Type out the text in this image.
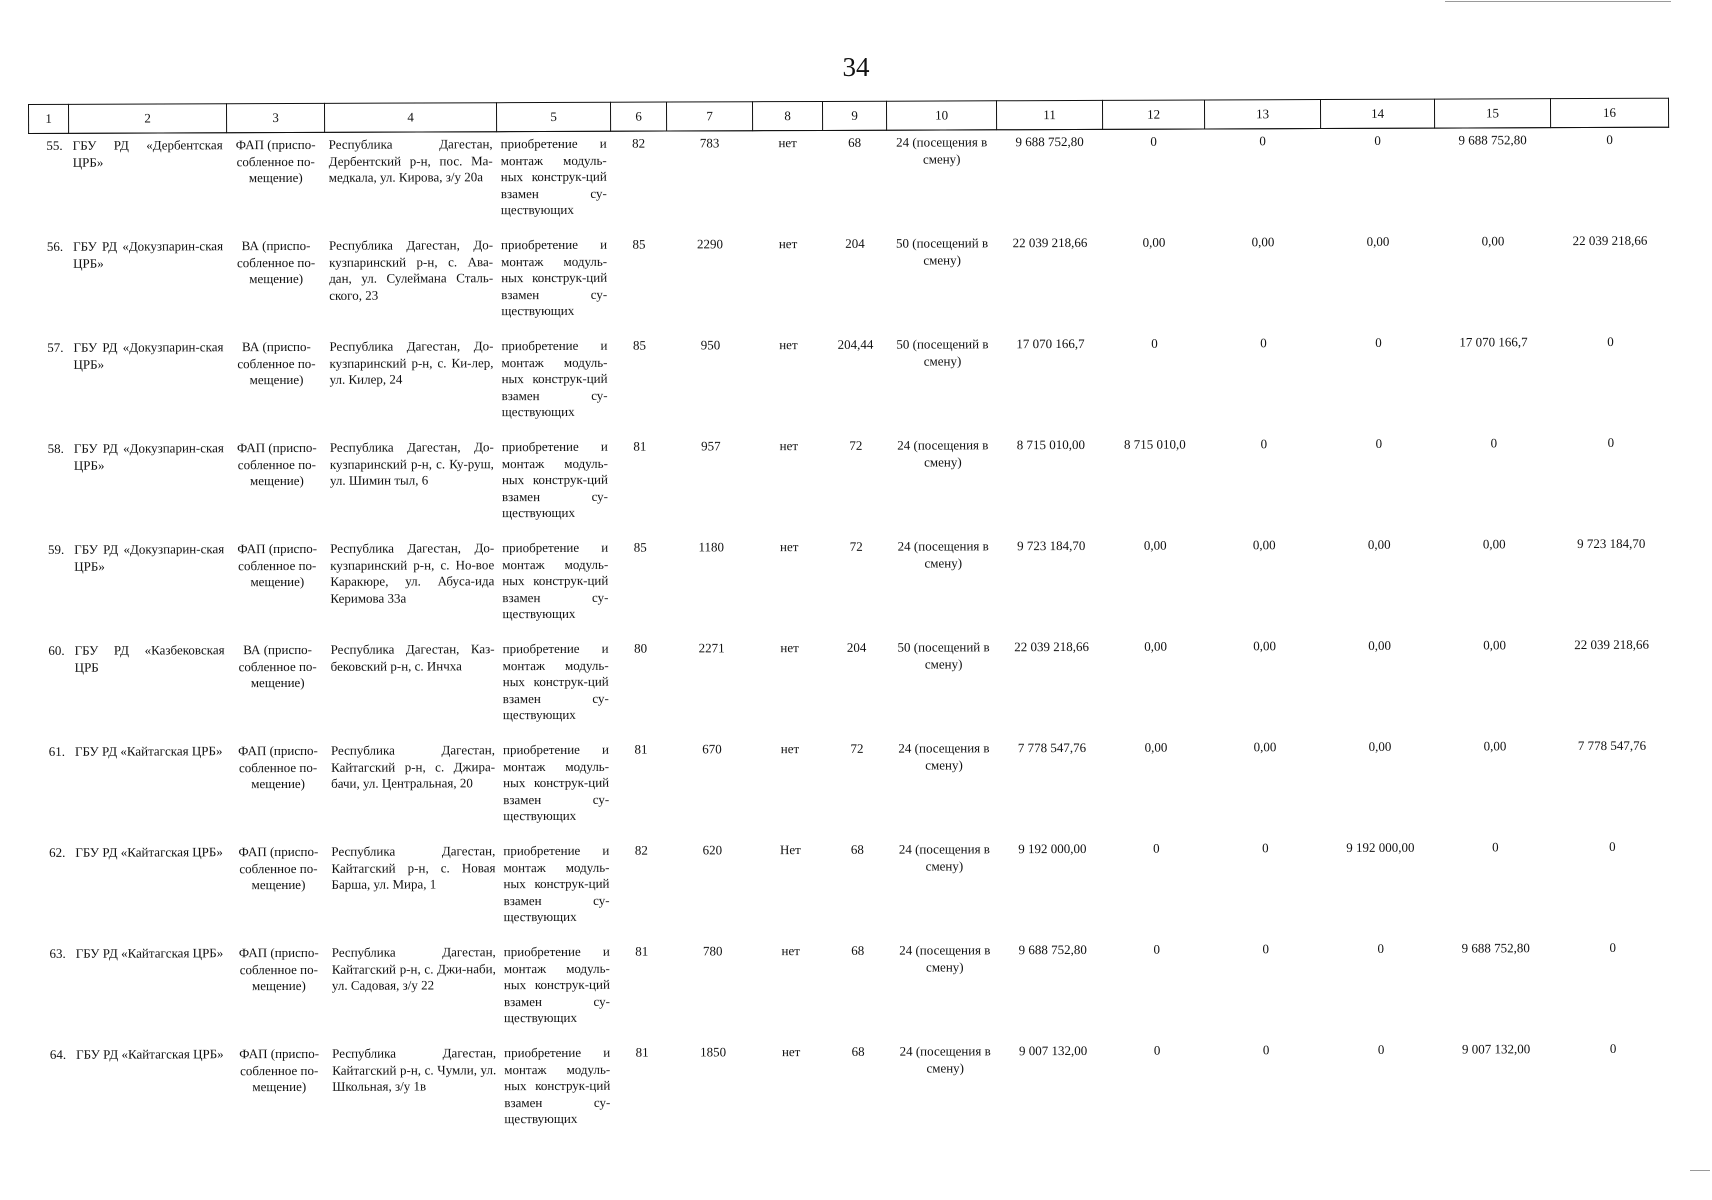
34
1	2	3	4	5	6	7	8	9	10	11	12	13	14	15	16
55.	ГБУ РД «Дербентская ЦРБ»	ФАП (приспо-собленное по-мещение)	Республика Дагестан, Дербентский р-н, пос. Ма-медкала, ул. Кирова, з/у 20а	приобретение и монтаж модуль-ных конструк-ций взамен су-ществующих	82	783	нет	68	24 (посещения в смену)	9 688 752,80	0	0	0	9 688 752,80	0
56.	ГБУ РД «Докузпарин-ская ЦРБ»	ВА (приспо-собленное по-мещение)	Республика Дагестан, До-кузпаринский р-н, с. Ава-дан, ул. Сулеймана Сталь-ского, 23	приобретение и монтаж модуль-ных конструк-ций взамен су-ществующих	85	2290	нет	204	50 (посещений в смену)	22 039 218,66	0,00	0,00	0,00	0,00	22 039 218,66
57.	ГБУ РД «Докузпарин-ская ЦРБ»	ВА (приспо-собленное по-мещение)	Республика Дагестан, До-кузпаринский р-н, с. Ки-лер, ул. Килер, 24	приобретение и монтаж модуль-ных конструк-ций взамен су-ществующих	85	950	нет	204,44	50 (посещений в смену)	17 070 166,7	0	0	0	17 070 166,7	0
58.	ГБУ РД «Докузпарин-ская ЦРБ»	ФАП (приспо-собленное по-мещение)	Республика Дагестан, До-кузпаринский р-н, с. Ку-руш, ул. Шимин тыл, 6	приобретение и монтаж модуль-ных конструк-ций взамен су-ществующих	81	957	нет	72	24 (посещения в смену)	8 715 010,00	8 715 010,0	0	0	0	0
59.	ГБУ РД «Докузпарин-ская ЦРБ»	ФАП (приспо-собленное по-мещение)	Республика Дагестан, До-кузпаринский р-н, с. Но-вое Каракюре, ул. Абуса-ида Керимова 33а	приобретение и монтаж модуль-ных конструк-ций взамен су-ществующих	85	1180	нет	72	24 (посещения в смену)	9 723 184,70	0,00	0,00	0,00	0,00	9 723 184,70
60.	ГБУ РД «Казбековская ЦРБ	ВА (приспо-собленное по-мещение)	Республика Дагестан, Каз-бековский р-н, с. Инчха	приобретение и монтаж модуль-ных конструк-ций взамен су-ществующих	80	2271	нет	204	50 (посещений в смену)	22 039 218,66	0,00	0,00	0,00	0,00	22 039 218,66
61.	ГБУ РД «Кайтагская ЦРБ»	ФАП (приспо-собленное по-мещение)	Республика Дагестан, Кайтагский р-н, с. Джира-бачи, ул. Центральная, 20	приобретение и монтаж модуль-ных конструк-ций взамен су-ществующих	81	670	нет	72	24 (посещения в смену)	7 778 547,76	0,00	0,00	0,00	0,00	7 778 547,76
62.	ГБУ РД «Кайтагская ЦРБ»	ФАП (приспо-собленное по-мещение)	Республика Дагестан, Кайтагский р-н, с. Новая Барша, ул. Мира, 1	приобретение и монтаж модуль-ных конструк-ций взамен су-ществующих	82	620	Нет	68	24 (посещения в смену)	9 192 000,00	0	0	9 192 000,00	0	0
63.	ГБУ РД «Кайтагская ЦРБ»	ФАП (приспо-собленное по-мещение)	Республика Дагестан, Кайтагский р-н, с. Джи-наби, ул. Садовая, з/у 22	приобретение и монтаж модуль-ных конструк-ций взамен су-ществующих	81	780	нет	68	24 (посещения в смену)	9 688 752,80	0	0	0	9 688 752,80	0
64.	ГБУ РД «Кайтагская ЦРБ»	ФАП (приспо-собленное по-мещение)	Республика Дагестан, Кайтагский р-н, с. Чумли, ул. Школьная, з/у 1в	приобретение и монтаж модуль-ных конструк-ций взамен су-ществующих	81	1850	нет	68	24 (посещения в смену)	9 007 132,00	0	0	0	9 007 132,00	0
